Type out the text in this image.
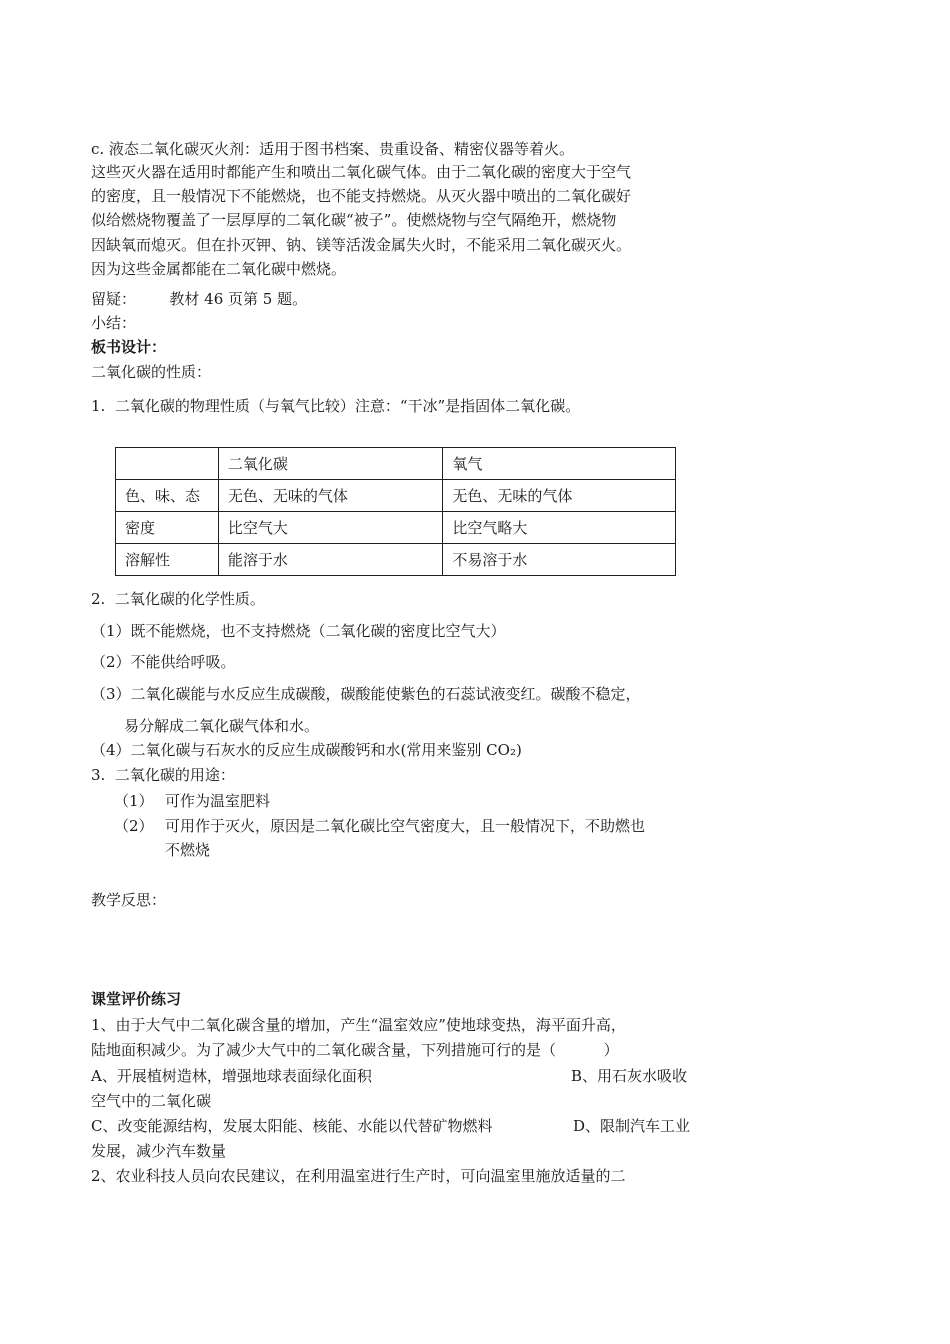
c. 液态二氧化碳灭火剂：适用于图书档案、贵重设备、精密仪器等着火。
这些灭火器在适用时都能产生和喷出二氧化碳气体。由于二氧化碳的密度大于空气
的密度，且一般情况下不能燃烧，也不能支持燃烧。从灭火器中喷出的二氧化碳好
似给燃烧物覆盖了一层厚厚的二氧化碳“被子”。使燃烧物与空气隔绝开，燃烧物
因缺氧而熄灭。但在扑灭钾、钠、镁等活泼金属失火时，不能采用二氧化碳灭火。
因为这些金属都能在二氧化碳中燃烧。
留疑：       教材 46 页第 5 题。
小结：
板书设计：
二氧化碳的性质：
1.  二氧化碳的物理性质（与氧气比较）注意：“干冰”是指固体二氧化碳。
	二氧化碳	氧气
色、味、态	无色、无味的气体	无色、无味的气体
密度	比空气大	比空气略大
溶解性	能溶于水	不易溶于水
2.  二氧化碳的化学性质。
（1）既不能燃烧，也不支持燃烧（二氧化碳的密度比空气大）
（2）不能供给呼吸。
（3）二氧化碳能与水反应生成碳酸，碳酸能使紫色的石蕊试液变红。碳酸不稳定，
易分解成二氧化碳气体和水。
（4）二氧化碳与石灰水的反应生成碳酸钙和水(常用来鉴别 CO₂)
3.  二氧化碳的用途：
（1） 可作为温室肥料
（2） 可用作于灭火，原因是二氧化碳比空气密度大，且一般情况下，不助燃也
不燃烧
教学反思：
课堂评价练习
1、由于大气中二氧化碳含量的增加，产生“温室效应”使地球变热，海平面升高，
陆地面积减少。为了减少大气中的二氧化碳含量，下列措施可行的是（          ）
A、开展植树造林，增强地球表面绿化面积	B、用石灰水吸收
空气中的二氧化碳
C、改变能源结构，发展太阳能、核能、水能以代替矿物燃料	D、限制汽车工业
发展，减少汽车数量
2、农业科技人员向农民建议，在利用温室进行生产时，可向温室里施放适量的二
